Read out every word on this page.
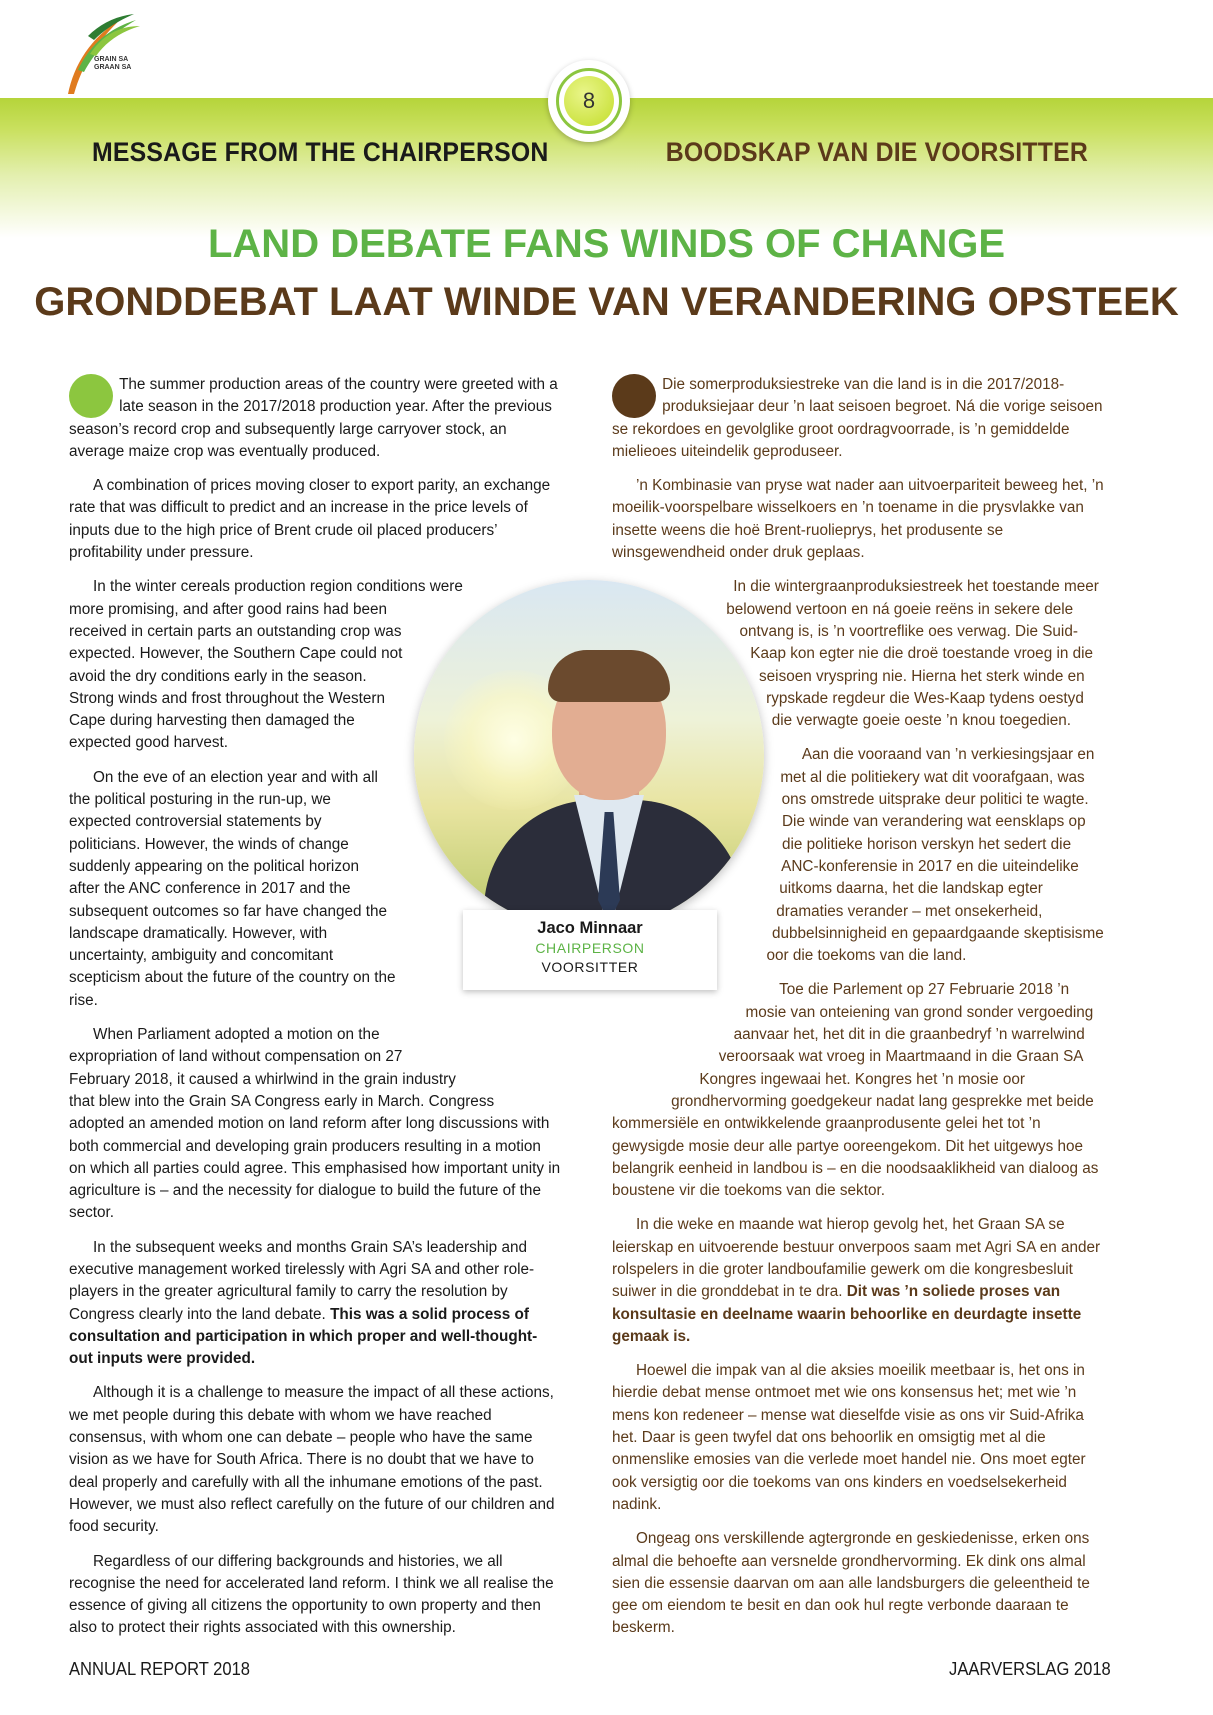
GRAIN SA
GRAAN SA
8
MESSAGE FROM THE CHAIRPERSON	BOODSKAP VAN DIE VOORSITTER
LAND DEBATE FANS WINDS OF CHANGE
GRONDDEBAT LAAT WINDE VAN VERANDERING OPSTEEK

The summer production areas of the country were greeted with a late season in the 2017/2018 production year. After the previous season’s record crop and subsequently large carryover stock, an average maize crop was eventually produced.

A combination of prices moving closer to export parity, an exchange rate that was difficult to predict and an increase in the price levels of inputs due to the high price of Brent crude oil placed producers’ profitability under pressure.

In the winter cereals production region conditions were more promising, and after good rains had been received in certain parts an outstanding crop was expected. However, the Southern Cape could not avoid the dry conditions early in the season. Strong winds and frost throughout the Western Cape during harvesting then damaged the expected good harvest.

On the eve of an election year and with all the political posturing in the run-up, we expected controversial statements by politicians. However, the winds of change suddenly appearing on the political horizon after the ANC conference in 2017 and the subsequent outcomes so far have changed the landscape dramatically. However, with uncertainty, ambiguity and concomitant scepticism about the future of the country on the rise.

When Parliament adopted a motion on the expropriation of land without compensation on 27 February 2018, it caused a whirlwind in the grain industry that blew into the Grain SA Congress early in March. Congress adopted an amended motion on land reform after long discussions with both commercial and developing grain producers resulting in a motion on which all parties could agree. This emphasised how important unity in agriculture is – and the necessity for dialogue to build the future of the sector.

In the subsequent weeks and months Grain SA’s leadership and executive management worked tirelessly with Agri SA and other role-players in the greater agricultural family to carry the resolution by Congress clearly into the land debate. This was a solid process of consultation and participation in which proper and well-thought-out inputs were provided.

Although it is a challenge to measure the impact of all these actions, we met people during this debate with whom we have reached consensus, with whom one can debate – people who have the same vision as we have for South Africa. There is no doubt that we have to deal properly and carefully with all the inhumane emotions of the past. However, we must also reflect carefully on the future of our children and food security.

Regardless of our differing backgrounds and histories, we all recognise the need for accelerated land reform. I think we all realise the essence of giving all citizens the opportunity to own property and then also to protect their rights associated with this ownership.

Die somerproduksiestreke van die land is in die 2017/2018-produksiejaar deur ’n laat seisoen begroet. Ná die vorige seisoen se rekordoes en gevolglike groot oordragvoorrade, is ’n gemiddelde mielieoes uiteindelik geproduseer.

’n Kombinasie van pryse wat nader aan uitvoerpariteit beweeg het, ’n moeilik-voorspelbare wisselkoers en ’n toename in die prysvlakke van insette weens die hoë Brent-ruolieprys, het produsente se winsgewendheid onder druk geplaas.

In die wintergraanproduksiestreek het toestande meer belowend vertoon en ná goeie reëns in sekere dele ontvang is, is ’n voortreflike oes verwag. Die Suid-Kaap kon egter nie die droë toestande vroeg in die seisoen vryspring nie. Hierna het sterk winde en rypskade regdeur die Wes-Kaap tydens oestyd die verwagte goeie oeste ’n knou toegedien.

Aan die vooraand van ’n verkiesingsjaar en met al die politiekery wat dit voorafgaan, was ons omstrede uitsprake deur politici te wagte. Die winde van verandering wat eensklaps op die politieke horison verskyn het sedert die ANC-konferensie in 2017 en die uiteindelike uitkoms daarna, het die landskap egter dramaties verander – met onsekerheid, dubbelsinnigheid en gepaardgaande skeptisisme oor die toekoms van die land.

Toe die Parlement op 27 Februarie 2018 ’n mosie van onteiening van grond sonder vergoeding aanvaar het, het dit in die graanbedryf ’n warrelwind veroorsaak wat vroeg in Maartmaand in die Graan SA Kongres ingewaai het. Kongres het ’n mosie oor grondhervorming goedgekeur nadat lang gesprekke met beide kommersiële en ontwikkelende graanprodusente gelei het tot ’n gewysigde mosie deur alle partye ooreengekom. Dit het uitgewys hoe belangrik eenheid in landbou is – en die noodsaaklikheid van dialoog as boustene vir die toekoms van die sektor.

In die weke en maande wat hierop gevolg het, het Graan SA se leierskap en uitvoerende bestuur onverpoos saam met Agri SA en ander rolspelers in die groter landboufamilie gewerk om die kongresbesluit suiwer in die gronddebat in te dra. Dit was ’n soliede proses van konsultasie en deelname waarin behoorlike en deurdagte insette gemaak is.

Hoewel die impak van al die aksies moeilik meetbaar is, het ons in hierdie debat mense ontmoet met wie ons konsensus het; met wie ’n mens kon redeneer – mense wat dieselfde visie as ons vir Suid-Afrika het. Daar is geen twyfel dat ons behoorlik en omsigtig met al die onmenslike emosies van die verlede moet handel nie. Ons moet egter ook versigtig oor die toekoms van ons kinders en voedselsekerheid nadink.

Ongeag ons verskillende agtergronde en geskiedenisse, erken ons almal die behoefte aan versnelde grondhervorming. Ek dink ons almal sien die essensie daarvan om aan alle landsburgers die geleentheid te gee om eiendom te besit en dan ook hul regte verbonde daaraan te beskerm.

Jaco Minnaar
CHAIRPERSON
VOORSITTER
ANNUAL REPORT 2018	JAARVERSLAG 2018
